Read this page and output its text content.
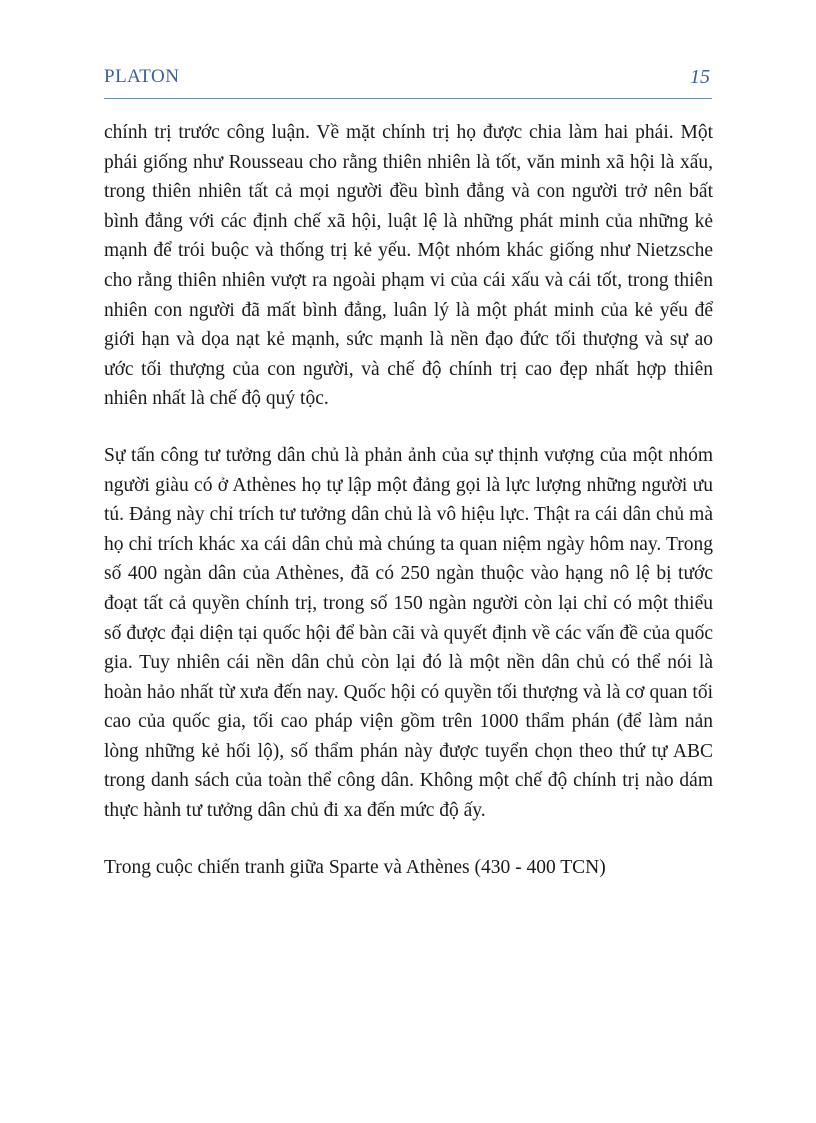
PLATON	15

chính trị trước công luận. Về mặt chính trị họ được chia làm hai phái. Một phái giống như Rousseau cho rằng thiên nhiên là tốt, văn minh xã hội là xấu, trong thiên nhiên tất cả mọi người đều bình đẳng và con người trở nên bất bình đẳng với các định chế xã hội, luật lệ là những phát minh của những kẻ mạnh để trói buộc và thống trị kẻ yếu. Một nhóm khác giống như Nietzsche cho rằng thiên nhiên vượt ra ngoài phạm vi của cái xấu và cái tốt, trong thiên nhiên con người đã mất bình đẳng, luân lý là một phát minh của kẻ yếu để giới hạn và dọa nạt kẻ mạnh, sức mạnh là nền đạo đức tối thượng và sự ao ước tối thượng của con người, và chế độ chính trị cao đẹp nhất hợp thiên nhiên nhất là chế độ quý tộc.

Sự tấn công tư tưởng dân chủ là phản ảnh của sự thịnh vượng của một nhóm người giàu có ở Athènes họ tự lập một đảng gọi là lực lượng những người ưu tú. Đảng này chỉ trích tư tưởng dân chủ là vô hiệu lực. Thật ra cái dân chủ mà họ chỉ trích khác xa cái dân chủ mà chúng ta quan niệm ngày hôm nay. Trong số 400 ngàn dân của Athènes, đã có 250 ngàn thuộc vào hạng nô lệ bị tước đoạt tất cả quyền chính trị, trong số 150 ngàn người còn lại chỉ có một thiểu số được đại diện tại quốc hội để bàn cãi và quyết định về các vấn đề của quốc gia. Tuy nhiên cái nền dân chủ còn lại đó là một nền dân chủ có thể nói là hoàn hảo nhất từ xưa đến nay. Quốc hội có quyền tối thượng và là cơ quan tối cao của quốc gia, tối cao pháp viện gồm trên 1000 thẩm phán (để làm nản lòng những kẻ hối lộ), số thẩm phán này được tuyển chọn theo thứ tự ABC trong danh sách của toàn thể công dân. Không một chế độ chính trị nào dám thực hành tư tưởng dân chủ đi xa đến mức độ ấy.

Trong cuộc chiến tranh giữa Sparte và Athènes (430 - 400 TCN)
